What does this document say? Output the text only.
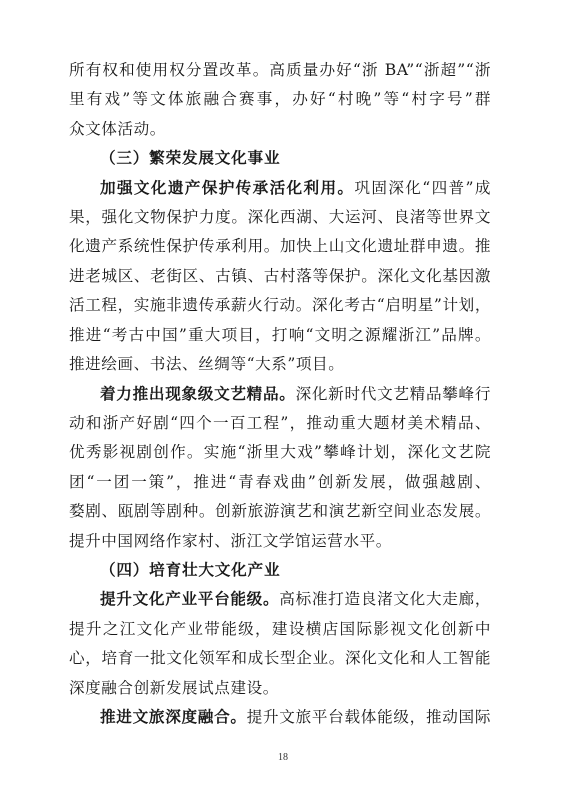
所有权和使用权分置改革。高质量办好“浙 BA”“浙超”“浙
里有戏”等文体旅融合赛事，办好“村晚”等“村字号”群
众文体活动。
（三）繁荣发展文化事业
加强文化遗产保护传承活化利用。巩固深化“四普”成
果，强化文物保护力度。深化西湖、大运河、良渚等世界文
化遗产系统性保护传承利用。加快上山文化遗址群申遗。推
进老城区、老街区、古镇、古村落等保护。深化文化基因激
活工程，实施非遗传承薪火行动。深化考古“启明星”计划，
推进“考古中国”重大项目，打响“文明之源耀浙江”品牌。
推进绘画、书法、丝绸等“大系”项目。
着力推出现象级文艺精品。深化新时代文艺精品攀峰行
动和浙产好剧“四个一百工程”，推动重大题材美术精品、
优秀影视剧创作。实施“浙里大戏”攀峰计划，深化文艺院
团“一团一策”，推进“青春戏曲”创新发展，做强越剧、
婺剧、瓯剧等剧种。创新旅游演艺和演艺新空间业态发展。
提升中国网络作家村、浙江文学馆运营水平。
（四）培育壮大文化产业
提升文化产业平台能级。高标准打造良渚文化大走廊，
提升之江文化产业带能级，建设横店国际影视文化创新中
心，培育一批文化领军和成长型企业。深化文化和人工智能
深度融合创新发展试点建设。
18
推进文旅深度融合。提升文旅平台载体能级，推动国际
